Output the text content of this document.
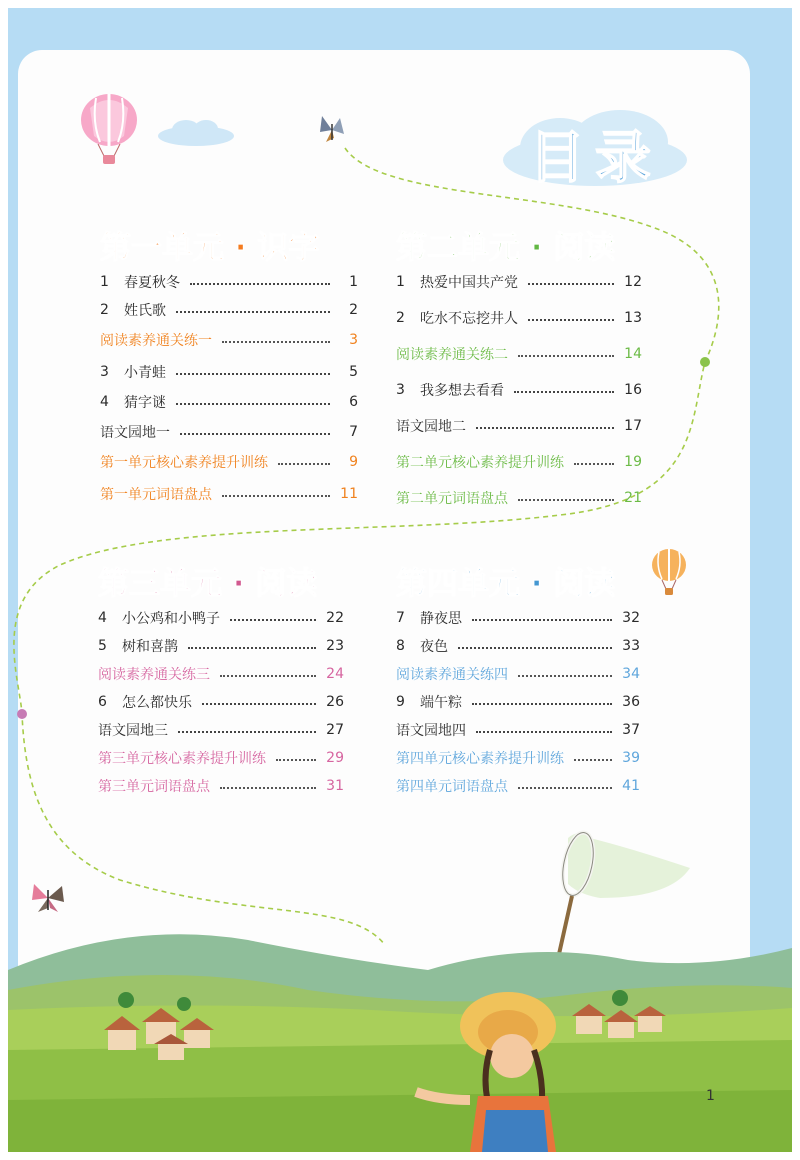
目录
第一单元 · 识字
1	春夏秋冬	1
2	姓氏歌	2
阅读素养通关练一	3
3	小青蛙	5
4	猜字谜	6
语文园地一	7
第一单元核心素养提升训练	9
第一单元词语盘点	11
第二单元 · 阅读
1	热爱中国共产党	12
2	吃水不忘挖井人	13
阅读素养通关练二	14
3	我多想去看看	16
语文园地二	17
第二单元核心素养提升训练	19
第二单元词语盘点	21
第三单元 · 阅读
4	小公鸡和小鸭子	22
5	树和喜鹊	23
阅读素养通关练三	24
6	怎么都快乐	26
语文园地三	27
第三单元核心素养提升训练	29
第三单元词语盘点	31
第四单元 · 阅读
7	静夜思	32
8	夜色	33
阅读素养通关练四	34
9	端午粽	36
语文园地四	37
第四单元核心素养提升训练	39
第四单元词语盘点	41
1
